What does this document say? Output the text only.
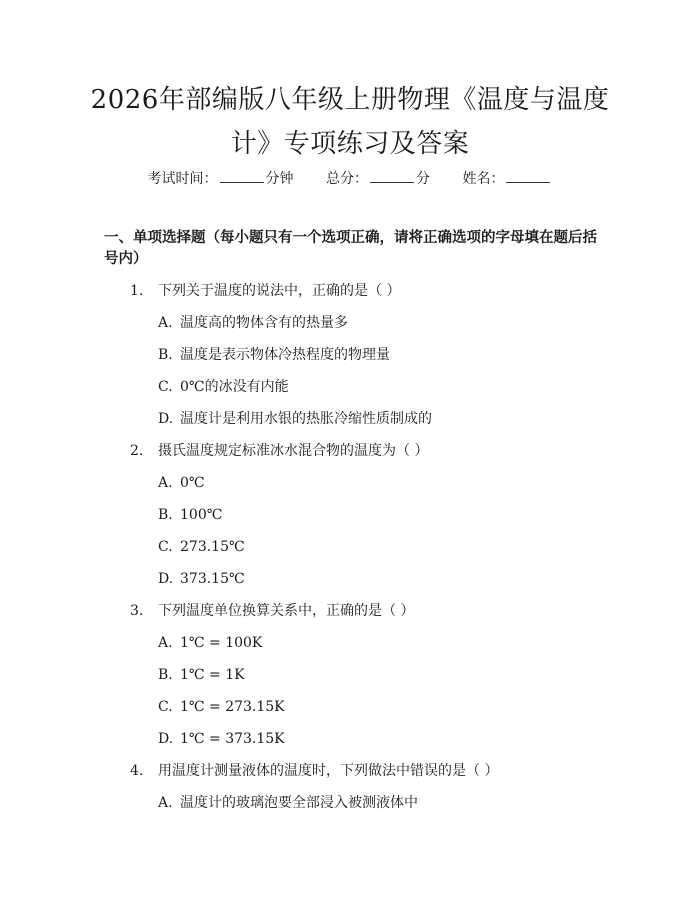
2026年部编版八年级上册物理《温度与温度
计》专项练习及答案
考试时间：	分钟 总分：	分 姓名：
一、单项选择题（每小题只有一个选项正确，请将正确选项的字母填在题后括号内）
1. 下列关于温度的说法中，正确的是（ ）
A. 温度高的物体含有的热量多
B. 温度是表示物体冷热程度的物理量
C. 0℃的冰没有内能
D. 温度计是利用水银的热胀冷缩性质制成的
2. 摄氏温度规定标准冰水混合物的温度为（ ）
A. 0℃
B. 100℃
C. 273.15℃
D. 373.15℃
3. 下列温度单位换算关系中，正确的是（ ）
A. 1℃ = 100K
B. 1℃ = 1K
C. 1℃ = 273.15K
D. 1℃ = 373.15K
4. 用温度计测量液体的温度时，下列做法中错误的是（ ）
A. 温度计的玻璃泡要全部浸入被测液体中
